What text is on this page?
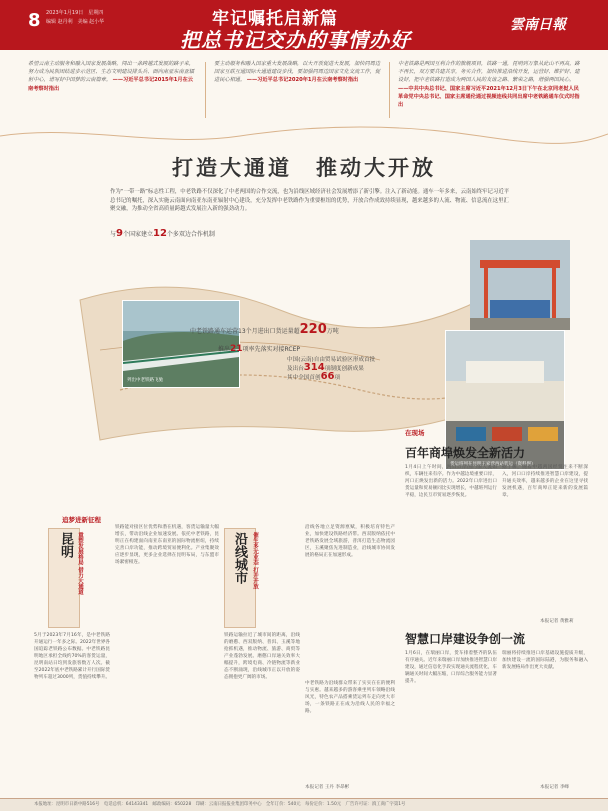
8 2023年1月19日　星期四
编辑 赵丹利　美编 赵小华	牢记嘱托启新篇
把总书记交办的事情办好
雲南日報
希望云南主动服务和融入国家发展战略，闯出一条跨越式发展的路子来，努力成为民族团结进步示范区、生态文明建设排头兵、面向南亚东南亚辐射中心，谱写好中国梦的云南篇章。 ——习近平总书记2015年1月在云南考察时指出
要主动服务和融入国家重大发展战略，以大开放促进大发展，加快同周边国家互联互通国际大通道建设步伐，要加强同周边国家文化交流工作，促进民心相通。 ——习近平总书记2020年1月在云南考察时指出
中老铁路是两国互利合作的旗舰项目，铁路一通，昆明到万象从此山不再高，路不再长，双方要共建共享，务实合作，加快推进沿线开发，运营好、维护好、建设好，把中老铁路打造成为两国人民的友谊之路、繁荣之路，增强两国民心。 ——中共中央总书记、国家主席习近平2021年12月3日下午在北京同老挝人民革命党中央总书记、国家主席通伦通过视频连线共同出席中老铁路通车仪式时指出
打造大通道　推动大开放
作为“一带一路”标志性工程，中老铁路不仅深化了中老两国的合作交流，也为沿线区域经济社会发展增添了新引擎。注入了新动能。通车一年多来，云南始终牢记习近平总书记的嘱托，深入实施云南面向南亚东南亚辐射中心建设，充分发挥中老铁路作为重要枢纽的优势，开放合作成效持续显现，越来越多的人流、物流、信息流在这里汇聚交融，为推动全省高质量跨越式发展注入新的强劲动力。
与9个国家建立12个多双边合作机制
列出中老铁路飞驰
货运班列在昆明王家营西站装运（资料图）
中老铁路通车运营13个月进出口货运量超220万吨
推出21项率先落实对接RCEP
中国(云南)自由贸易试验区形成首批
及出台314项制度创新成果
其中全国首创66项
追梦进新征程
昆明 重塑发展格局 借力大通道	沿线城市 催生多元业态 打开开放
5月于2023年7月16年，是中老铁路开通运行一年多之际。2022年世界各国追踪老铁路公布数据。中老铁路昆明地区承担全线约70%的客货运量，昆明南站日均到发旅客数万人次。截至2022年底中老铁路累计开行国际货物列车超过3000列，货值持续攀升。
铁路能对接区位优势和潜在机遇，客货运输量大幅增长，带动沿线企业加速发展。依托中老铁路，昆明正在构建面向南亚东南亚的国际物流枢纽，持续完善口岸功能，推动跨境贸易便利化。产业集聚效应逐步显现，更多企业选择在昆明布局，与东盟市场紧密相连。
铁路运输拉近了城市间的距离，沿线的磨憨、西双版纳、普洱、玉溪等地抢抓机遇，推动物流、旅游、商贸等产业蓬勃发展。磨憨口岸通关效率大幅提升，跨境电商、冷链物流等新业态不断涌现，沿线城市正以开放的姿态拥抱更广阔的市场。
沿线各地立足资源禀赋，积极培育特色产业，加快建设铁路经济带。西双版纳依托中老铁路发展全域旅游，普洱打造生态物流园区，玉溪聚焦先进制造业，沿线城市协同发展的格局正在加速形成。
中老铁路为沿线群众带来了实实在在的便利与实惠。越来越多的游客乘坐列车领略沿线风光，特色农产品搭乘货运列车走向更大市场，一条铁路正在成为沿线人民的幸福之路。
本报记者 王丹 李昂彬
在现场
百年商埠焕发全新活力
1月4日上午时间，河口口岸国门前人流如织，车辆往来有序。作为中越边境重要口岸，河口正焕发出新的活力。2022年口岸进出口货运量和贸易额同比实现增长，中越班列运行平稳，边民互市贸易逐步恢复。
据了解，随着中越两国经贸往来不断深入，河口口岸持续推进智慧口岸建设，提升通关效率，越来越多的企业在这里寻找发展机遇，百年商埠正迎来新的发展篇章。
本报记者 黄雅莉
智慧口岸建设争创一流
1月6日，在瑞丽口岸，货车排着整齐的队伍有序通关。近年来瑞丽口岸加快推进智慧口岸建设，通过信息化手段实现通关流程优化，车辆通关时间大幅压缩，口岸综合服务能力显著提升。
瑞丽将持续推进口岸基础设施提质升级，加快建设一流的国际陆港，为服务和融入新发展格局作出更大贡献。
本报记者 李峰
本报地址：昆明市日新中路516号　电话总机：64143341　邮政编码：650228　印刷：云南日报报业集团印务中心　全年订价：540元　每份定价：1.50元　广告许可证：滇工商广字第1号
